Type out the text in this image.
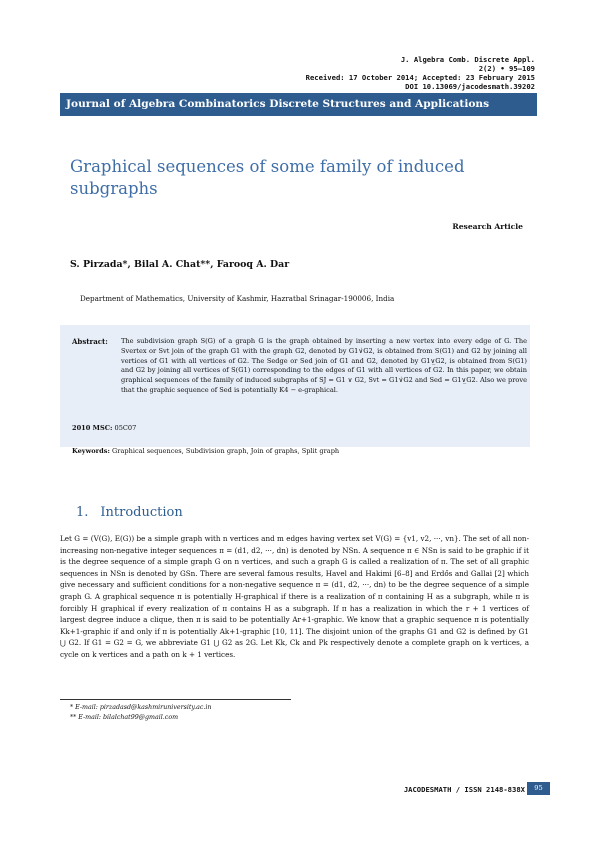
J. Algebra Comb. Discrete Appl.
2(2) • 95–109
Received: 17 October 2014; Accepted: 23 February 2015
DOI 10.13069/jacodesmath.39202
Journal of Algebra Combinatorics Discrete Structures and Applications
Graphical sequences of some family of induced subgraphs
Research Article
S. Pirzada*, Bilal A. Chat**, Farooq A. Dar
Department of Mathematics, University of Kashmir, Hazratbal Srinagar-190006, India
Abstract: The subdivision graph S(G) of a graph G is the graph obtained by inserting a new vertex into every edge of G. The Svertex or Svt join of the graph G1 with the graph G2, denoted by G1∨̇G2, is obtained from S(G1) and G2 by joining all vertices of G1 with all vertices of G2. The Sedge or Sed join of G1 and G2, denoted by G1∨̲G2, is obtained from S(G1) and G2 by joining all vertices of S(G1) corresponding to the edges of G1 with all vertices of G2. In this paper, we obtain graphical sequences of the family of induced subgraphs of SJ = G1 ∨ G2, Svt = G1∨̇G2 and Sed = G1∨̲G2. Also we prove that the graphic sequence of Sed is potentially K4 − e-graphical.
2010 MSC: 05C07
Keywords: Graphical sequences, Subdivision graph, Join of graphs, Split graph
1. Introduction
Let G = (V(G), E(G)) be a simple graph with n vertices and m edges having vertex set V(G) = {v1, v2, ···, vn}. The set of all non-increasing non-negative integer sequences π = (d1, d2, ···, dn) is denoted by NSn. A sequence π ∈ NSn is said to be graphic if it is the degree sequence of a simple graph G on n vertices, and such a graph G is called a realization of π. The set of all graphic sequences in NSn is denoted by GSn. There are several famous results, Havel and Hakimi [6–8] and Erdős and Gallai [2] which give necessary and sufficient conditions for a non-negative sequence π = (d1, d2, ···, dn) to be the degree sequence of a simple graph G. A graphical sequence π is potentially H-graphical if there is a realization of π containing H as a subgraph, while π is forcibly H graphical if every realization of π contains H as a subgraph. If π has a realization in which the r + 1 vertices of largest degree induce a clique, then π is said to be potentially Ar+1-graphic. We know that a graphic sequence π is potentially Kk+1-graphic if and only if π is potentially Ak+1-graphic [10, 11]. The disjoint union of the graphs G1 and G2 is defined by G1 ⋃ G2. If G1 = G2 = G, we abbreviate G1 ⋃ G2 as 2G. Let Kk, Ck and Pk respectively denote a complete graph on k vertices, a cycle on k vertices and a path on k + 1 vertices.
* E-mail: pirzadasd@kashmiruniversity.ac.in
** E-mail: bilalchat99@gmail.com
JACODESMATH / ISSN 2148-838X	95
